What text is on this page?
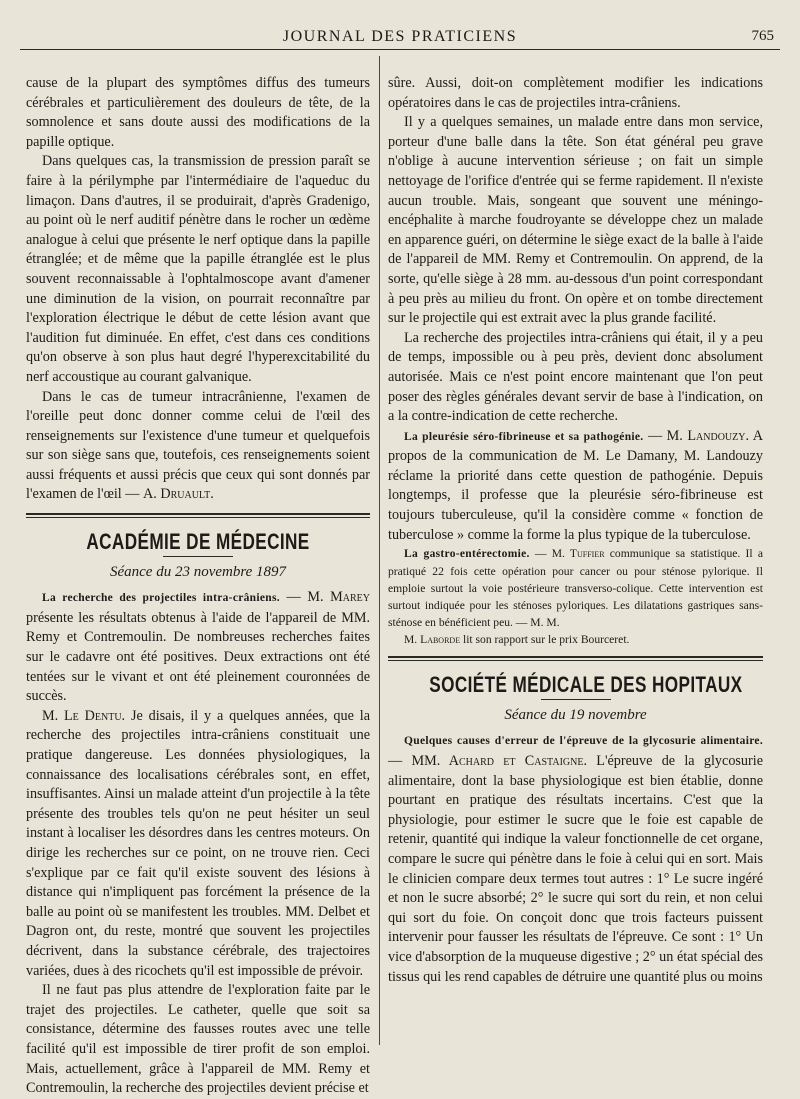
JOURNAL DES PRATICIENS	765

cause de la plupart des symptômes diffus des tumeurs cérébrales et particulièrement des douleurs de tête, de la somnolence et sans doute aussi des modifications de la papille optique.

Dans quelques cas, la transmission de pression paraît se faire à la périlymphe par l'intermédiaire de l'aqueduc du limaçon. Dans d'autres, il se produirait, d'après Gradenigo, au point où le nerf auditif pénètre dans le rocher un œdème analogue à celui que présente le nerf optique dans la papille étranglée; et de même que la papille étranglée est le plus souvent reconnaissable à l'ophtalmoscope avant d'amener une diminution de la vision, on pourrait reconnaître par l'exploration électrique le début de cette lésion avant que l'audition fut diminuée. En effet, c'est dans ces conditions qu'on observe à son plus haut degré l'hyperexcitabilité du nerf accoustique au courant galvanique.

Dans le cas de tumeur intracrânienne, l'examen de l'oreille peut donc donner comme celui de l'œil des renseignements sur l'existence d'une tumeur et quelquefois sur son siège sans que, toutefois, ces renseignements soient aussi fréquents et aussi précis que ceux qui sont donnés par l'examen de l'œil — A. Druault.

ACADÉMIE DE MÉDECINE
Séance du 23 novembre 1897

La recherche des projectiles intra-crâniens. — M. Marey présente les résultats obtenus à l'aide de l'appareil de MM. Remy et Contremoulin. De nombreuses recherches faites sur le cadavre ont été positives. Deux extractions ont été tentées sur le vivant et ont été pleinement couronnées de succès.

M. Le Dentu. Je disais, il y a quelques années, que la recherche des projectiles intra-crâniens constituait une pratique dangereuse. Les données physiologiques, la connaissance des localisations cérébrales sont, en effet, insuffisantes. Ainsi un malade atteint d'un projectile à la tête présente des troubles tels qu'on ne peut hésiter un seul instant à localiser les désordres dans les centres moteurs. On dirige les recherches sur ce point, on ne trouve rien. Ceci s'explique par ce fait qu'il existe souvent des lésions à distance qui n'impliquent pas forcément la présence de la balle au point où se manifestent les troubles. MM. Delbet et Dagron ont, du reste, montré que souvent les projectiles décrivent, dans la substance cérébrale, des trajectoires variées, dues à des ricochets qu'il est impossible de prévoir.

Il ne faut pas plus attendre de l'exploration faite par le trajet des projectiles. Le catheter, quelle que soit sa consistance, détermine des fausses routes avec une telle facilité qu'il est impossible de tirer profit de son emploi. Mais, actuellement, grâce à l'appareil de MM. Remy et Contremoulin, la recherche des projectiles devient précise et

sûre. Aussi, doit-on complètement modifier les indications opératoires dans le cas de projectiles intra-crâniens.

Il y a quelques semaines, un malade entre dans mon service, porteur d'une balle dans la tête. Son état général peu grave n'oblige à aucune intervention sérieuse ; on fait un simple nettoyage de l'orifice d'entrée qui se ferme rapidement. Il n'existe aucun trouble. Mais, songeant que souvent une méningo-encéphalite à marche foudroyante se développe chez un malade en apparence guéri, on détermine le siège exact de la balle à l'aide de l'appareil de MM. Remy et Contremoulin. On apprend, de la sorte, qu'elle siège à 28 mm. au-dessous d'un point correspondant à peu près au milieu du front. On opère et on tombe directement sur le projectile qui est extrait avec la plus grande facilité.

La recherche des projectiles intra-crâniens qui était, il y a peu de temps, impossible ou à peu près, devient donc absolument autorisée. Mais ce n'est point encore maintenant que l'on peut poser des règles générales devant servir de base à l'indication, on a la contre-indication de cette recherche.

La pleurésie séro-fibrineuse et sa pathogénie. — M. Landouzy. A propos de la communication de M. Le Damany, M. Landouzy réclame la priorité dans cette question de pathogénie. Depuis longtemps, il professe que la pleurésie séro-fibrineuse est toujours tuberculeuse, qu'il la considère comme « fonction de tuberculose » comme la forme la plus typique de la tuberculose.

La gastro-entérectomie. — M. Tuffier communique sa statistique. Il a pratiqué 22 fois cette opération pour cancer ou pour sténose pylorique. Il emploie surtout la voie postérieure transverso-colique. Cette intervention est surtout indiquée pour les sténoses pyloriques. Les dilatations gastriques sans-sténose en bénéficient peu. — M. M.

M. Laborde lit son rapport sur le prix Bourceret.

SOCIÉTÉ MÉDICALE DES HOPITAUX
Séance du 19 novembre

Quelques causes d'erreur de l'épreuve de la glycosurie alimentaire. — MM. Achard et Castaigne. L'épreuve de la glycosurie alimentaire, dont la base physiologique est bien établie, donne pourtant en pratique des résultats incertains. C'est que la physiologie, pour estimer le sucre que le foie est capable de retenir, quantité qui indique la valeur fonctionnelle de cet organe, compare le sucre qui pénètre dans le foie à celui qui en sort. Mais le clinicien compare deux termes tout autres : 1° Le sucre ingéré et non le sucre absorbé; 2° le sucre qui sort du rein, et non celui qui sort du foie. On conçoit donc que trois facteurs puissent intervenir pour fausser les résultats de l'épreuve. Ce sont : 1° Un vice d'absorption de la muqueuse digestive ; 2° un état spécial des tissus qui les rend capables de détruire une quantité plus ou moins
